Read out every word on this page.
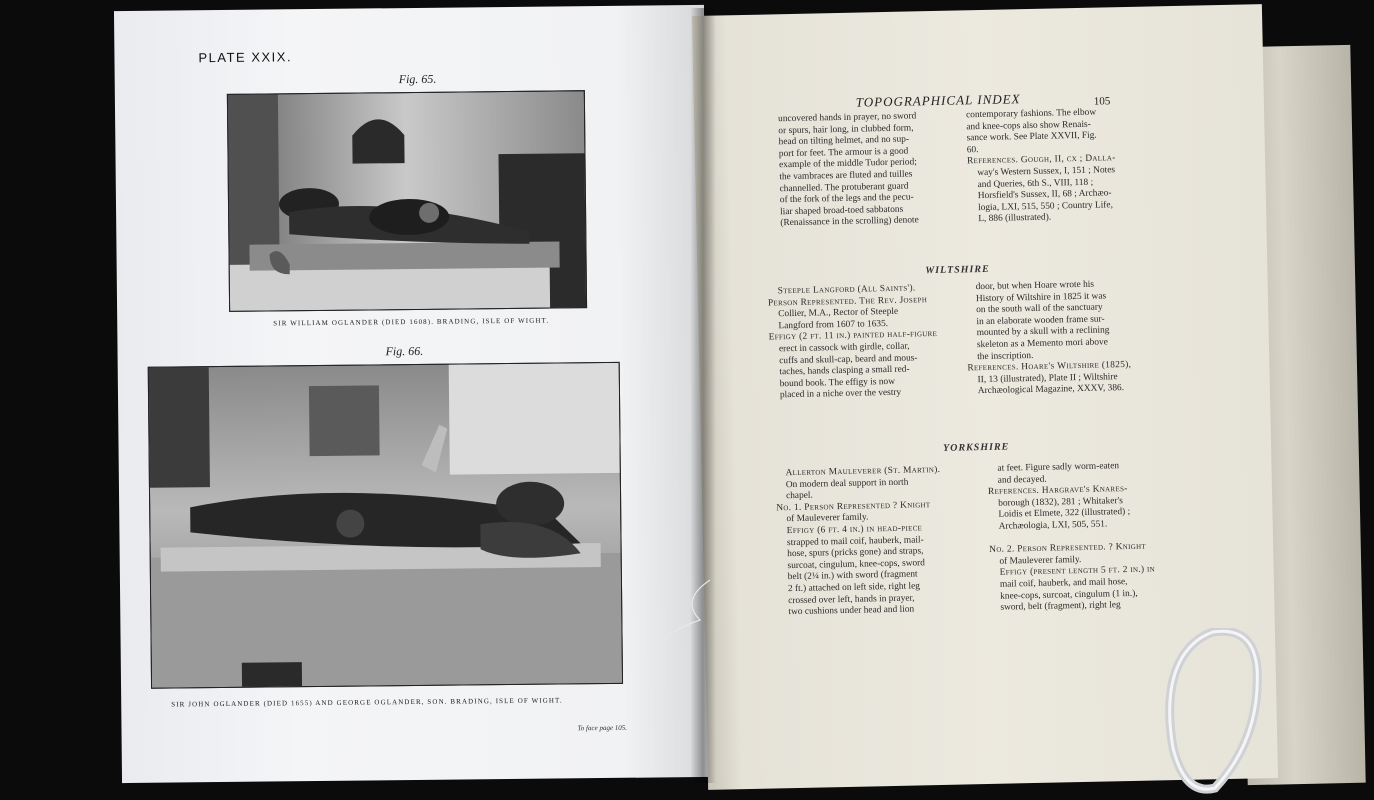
PLATE XXIX.
Fig. 65.
SIR WILLIAM OGLANDER (DIED 1608). BRADING, ISLE OF WIGHT.
Fig. 66.
SIR JOHN OGLANDER (DIED 1655) AND GEORGE OGLANDER, SON. BRADING, ISLE OF WIGHT.
To face page 105.
TOPOGRAPHICAL INDEX	105

uncovered hands in prayer, no sword

or spurs, hair long, in clubbed form,

head on tilting helmet, and no sup-

port for feet. The armour is a good

example of the middle Tudor period;

the vambraces are fluted and tuilles

channelled. The protuberant guard

of the fork of the legs and the pecu-

liar shaped broad-toed sabbatons

(Renaissance in the scrolling) denote

contemporary fashions. The elbow

and knee-cops also show Renais-

sance work. See Plate XXVII, Fig.

60.

References. Gough, II, cx ; Dalla-

way's Western Sussex, I, 151 ; Notes

and Queries, 6th S., VIII, 118 ;

Horsfield's Sussex, II, 68 ; Archæo-

logia, LXI, 515, 550 ; Country Life,

L, 886 (illustrated).

WILTSHIRE

Steeple Langford (All Saints').

Person Represented. The Rev. Joseph

Collier, M.A., Rector of Steeple

Langford from 1607 to 1635.

Effigy (2 ft. 11 in.) painted half-figure

erect in cassock with girdle, collar,

cuffs and skull-cap, beard and mous-

taches, hands clasping a small red-

bound book. The effigy is now

placed in a niche over the vestry

door, but when Hoare wrote his

History of Wiltshire in 1825 it was

on the south wall of the sanctuary

in an elaborate wooden frame sur-

mounted by a skull with a reclining

skeleton as a Memento mori above

the inscription.

References. Hoare's Wiltshire (1825),

II, 13 (illustrated), Plate II ; Wiltshire

Archæological Magazine, XXXV, 386.

YORKSHIRE

Allerton Mauleverer (St. Martin).

On modern deal support in north

chapel.

No. 1. Person Represented ? Knight

of Mauleverer family.

Effigy (6 ft. 4 in.) in head-piece

strapped to mail coif, hauberk, mail-

hose, spurs (pricks gone) and straps,

surcoat, cingulum, knee-cops, sword

belt (2¼ in.) with sword (fragment

2 ft.) attached on left side, right leg

crossed over left, hands in prayer,

two cushions under head and lion

at feet. Figure sadly worm-eaten

and decayed.

References. Hargrave's Knares-

borough (1832), 281 ; Whitaker's

Loidis et Elmete, 322 (illustrated) ;

Archæologia, LXI, 505, 551.

No. 2. Person Represented. ? Knight

of Mauleverer family.

Effigy (present length 5 ft. 2 in.) in

mail coif, hauberk, and mail hose,

knee-cops, surcoat, cingulum (1 in.),

sword, belt (fragment), right leg
